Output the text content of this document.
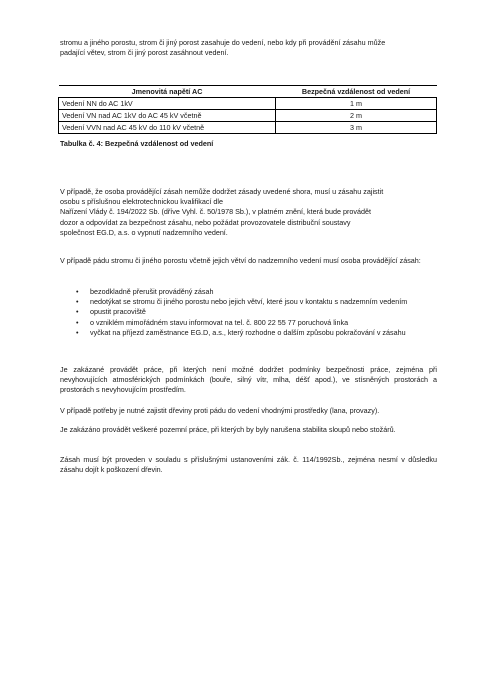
stromu a jiného porostu, strom či jiný porost zasahuje do vedení, nebo kdy při provádění zásahu může
padající větev, strom či jiný porost zasáhnout vedení.

Jmenovitá napětí AC	Bezpečná vzdálenost od vedení
Vedení NN do AC 1kV	1 m
Vedení VN nad AC 1kV do AC 45 kV včetně	2 m
Vedení VVN nad AC 45 kV do 110 kV včetně	3 m

Tabulka č. 4: Bezpečná vzdálenost od vedení

V případě, že osoba provádějící zásah nemůže dodržet zásady uvedené shora, musí u zásahu zajistit
osobu s příslušnou elektrotechnickou kvalifikací dle
Nařízení Vlády č. 194/2022 Sb. (dříve Vyhl. č. 50/1978 Sb.), v platném znění, která bude provádět
dozor a odpovídat za bezpečnost zásahu, nebo požádat provozovatele distribuční soustavy
společnost EG.D, a.s. o vypnutí nadzemního vedení.

V případě pádu stromu či jiného porostu včetně jejich větví do nadzemního vedení musí osoba provádějící zásah:

• bezodkladně přerušit prováděný zásah
• nedotýkat se stromu či jiného porostu nebo jejich větví, které jsou v kontaktu s nadzemním vedením
• opustit pracoviště
• o vzniklém mimořádném stavu informovat na tel. č. 800 22 55 77 poruchová linka
• vyčkat na příjezd zaměstnance EG.D, a.s., který rozhodne o dalším způsobu pokračování v zásahu

Je zakázané provádět práce, při kterých není možné dodržet podmínky bezpečnosti práce, zejména při nevyhovujících atmosférických podmínkách (bouře, silný vítr, mlha, déšť apod.), ve stísněných prostorách a prostorách s nevyhovujícím prostředím.

V případě potřeby je nutné zajistit dřeviny proti pádu do vedení vhodnými prostředky (lana, provazy).

Je zakázáno provádět veškeré pozemní práce, při kterých by byly narušena stabilita sloupů nebo stožárů.

Zásah musí být proveden v souladu s příslušnými ustanoveními zák. č. 114/1992Sb., zejména nesmí v důsledku zásahu dojít k poškození dřevin.
